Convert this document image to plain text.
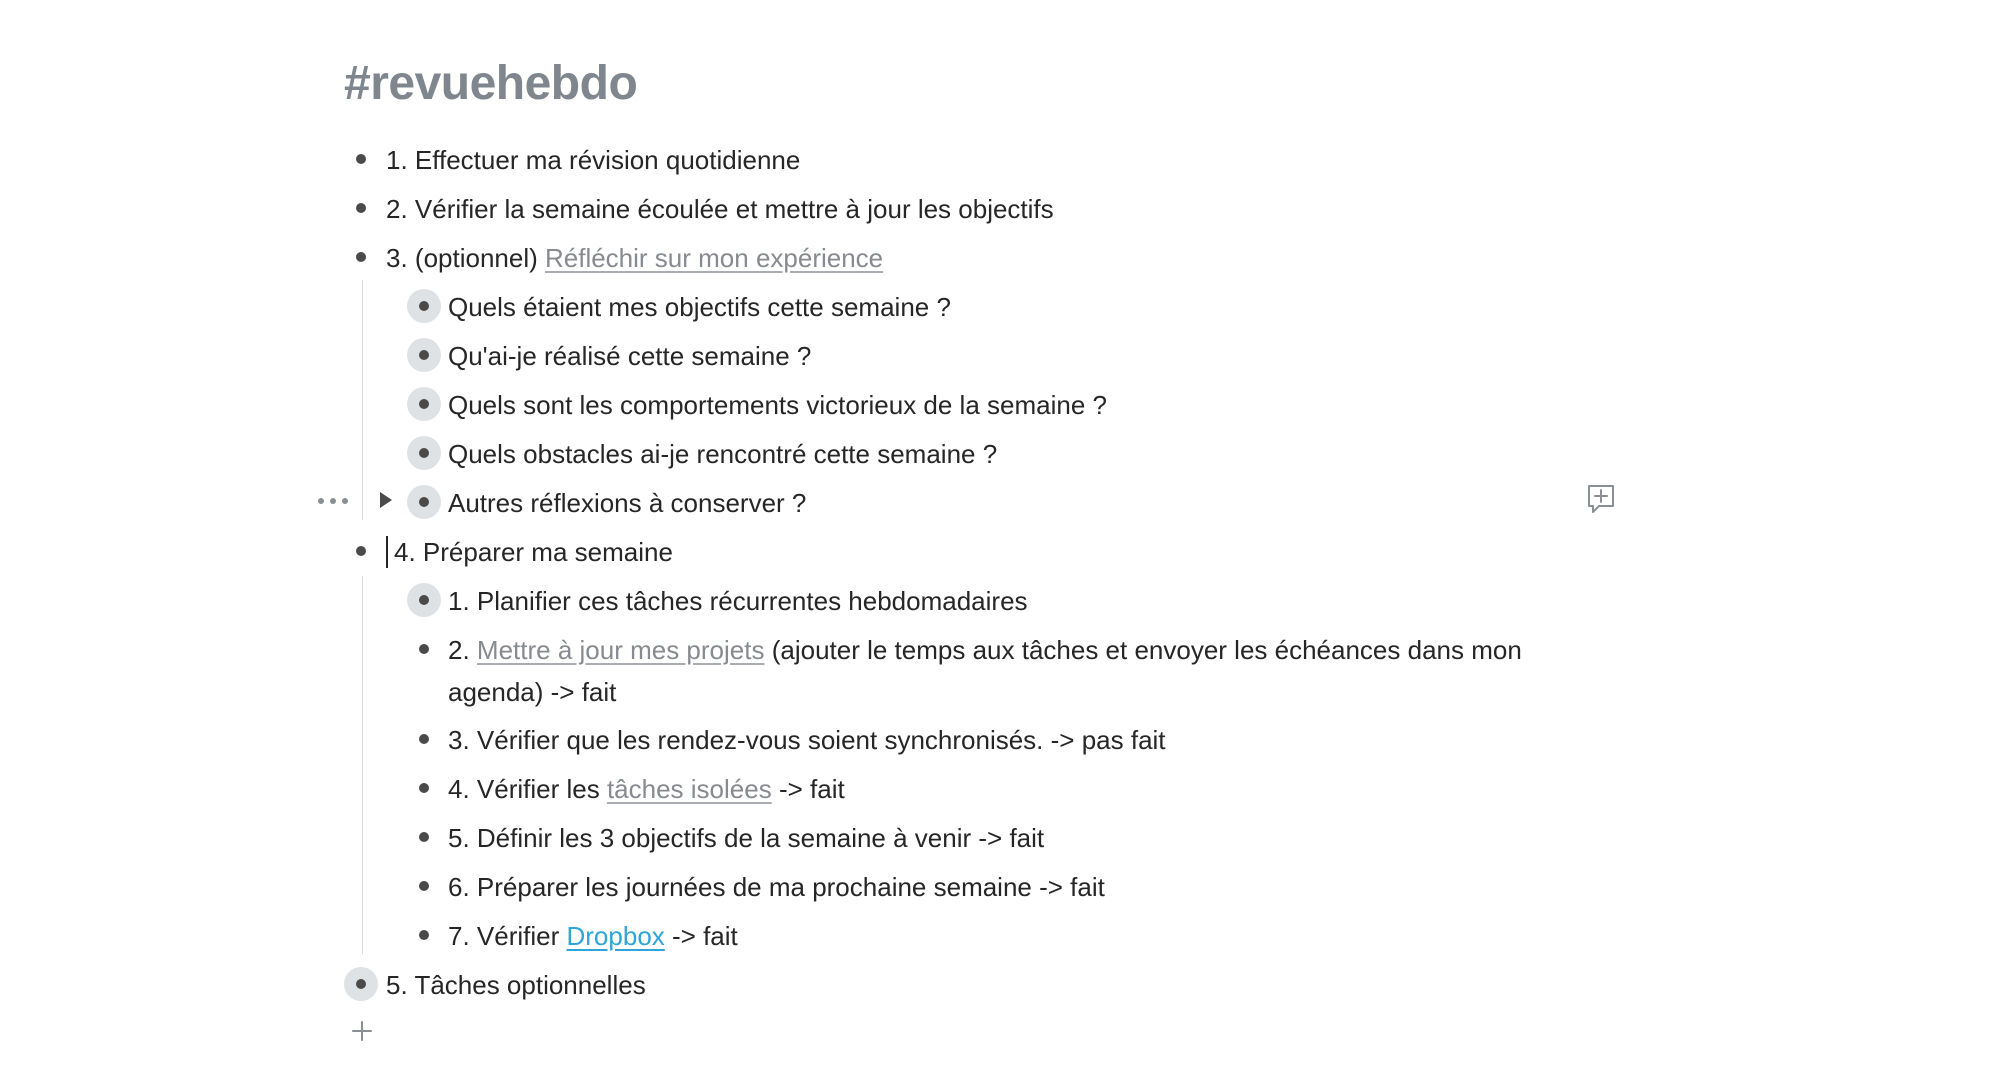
#revuehebdo
1. Effectuer ma révision quotidienne
2. Vérifier la semaine écoulée et mettre à jour les objectifs
3. (optionnel) Réfléchir sur mon expérience
Quels étaient mes objectifs cette semaine ?
Qu'ai-je réalisé cette semaine ?
Quels sont les comportements victorieux de la semaine ?
Quels obstacles ai-je rencontré cette semaine ?
Autres réflexions à conserver ?
4. Préparer ma semaine
1. Planifier ces tâches récurrentes hebdomadaires
2. Mettre à jour mes projets (ajouter le temps aux tâches et envoyer les échéances dans mon agenda) -> fait
3. Vérifier que les rendez-vous soient synchronisés. -> pas fait
4. Vérifier les tâches isolées -> fait
5. Définir les 3 objectifs de la semaine à venir -> fait
6. Préparer les journées de ma prochaine semaine -> fait
7. Vérifier Dropbox -> fait
5. Tâches optionnelles
